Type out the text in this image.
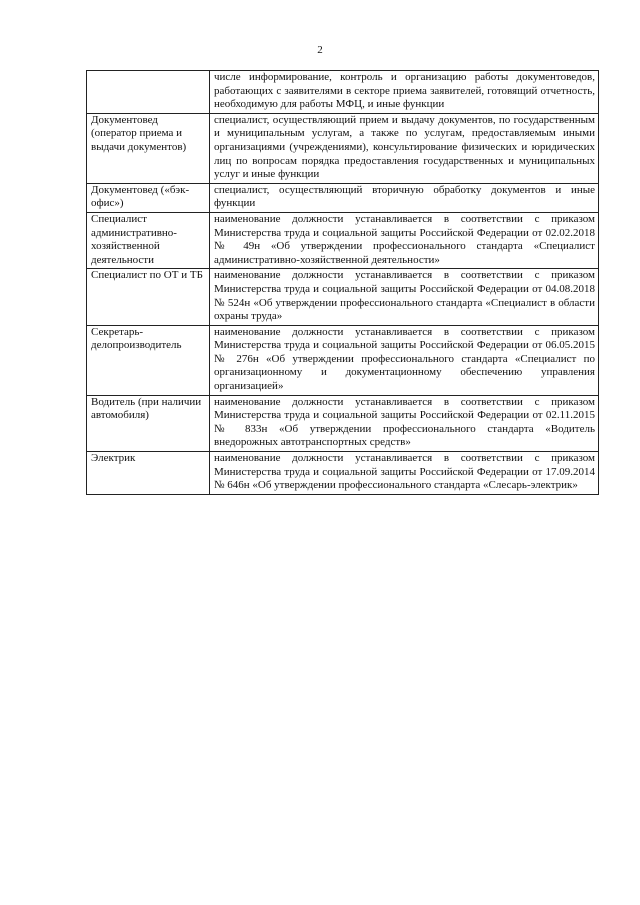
2
	числе информирование, контроль и организацию работы документоведов, работающих с заявителями в секторе приема заявителей, готовящий отчетность, необходимую для работы МФЦ, и иные функции
Документовед (оператор приема и выдачи документов)	специалист, осуществляющий прием и выдачу документов, по государственным и муниципальным услугам, а также по услугам, предоставляемым иными организациями (учреждениями), консультирование физических и юридических лиц по вопросам порядка предоставления государственных и муниципальных услуг и иные функции
Документовед («бэк-офис»)	специалист, осуществляющий вторичную обработку документов и иные функции
Специалист административно-хозяйственной деятельности	наименование должности устанавливается в соответствии с приказом Министерства труда и социальной защиты Российской Федерации от 02.02.2018 № 49н «Об утверждении профессионального стандарта «Специалист административно-хозяйственной деятельности»
Специалист по ОТ и ТБ	наименование должности устанавливается в соответствии с приказом Министерства труда и социальной защиты Российской Федерации от 04.08.2018 № 524н «Об утверждении профессионального стандарта «Специалист в области охраны труда»
Секретарь-делопроизводитель	наименование должности устанавливается в соответствии с приказом Министерства труда и социальной защиты Российской Федерации от 06.05.2015 № 276н «Об утверждении профессионального стандарта «Специалист по организационному и документационному обеспечению управления организацией»
Водитель (при наличии автомобиля)	наименование должности устанавливается в соответствии с приказом Министерства труда и социальной защиты Российской Федерации от 02.11.2015 № 833н «Об утверждении профессионального стандарта «Водитель внедорожных автотранспортных средств»
Электрик	наименование должности устанавливается в соответствии с приказом Министерства труда и социальной защиты Российской Федерации от 17.09.2014 № 646н «Об утверждении профессионального стандарта «Слесарь-электрик»
